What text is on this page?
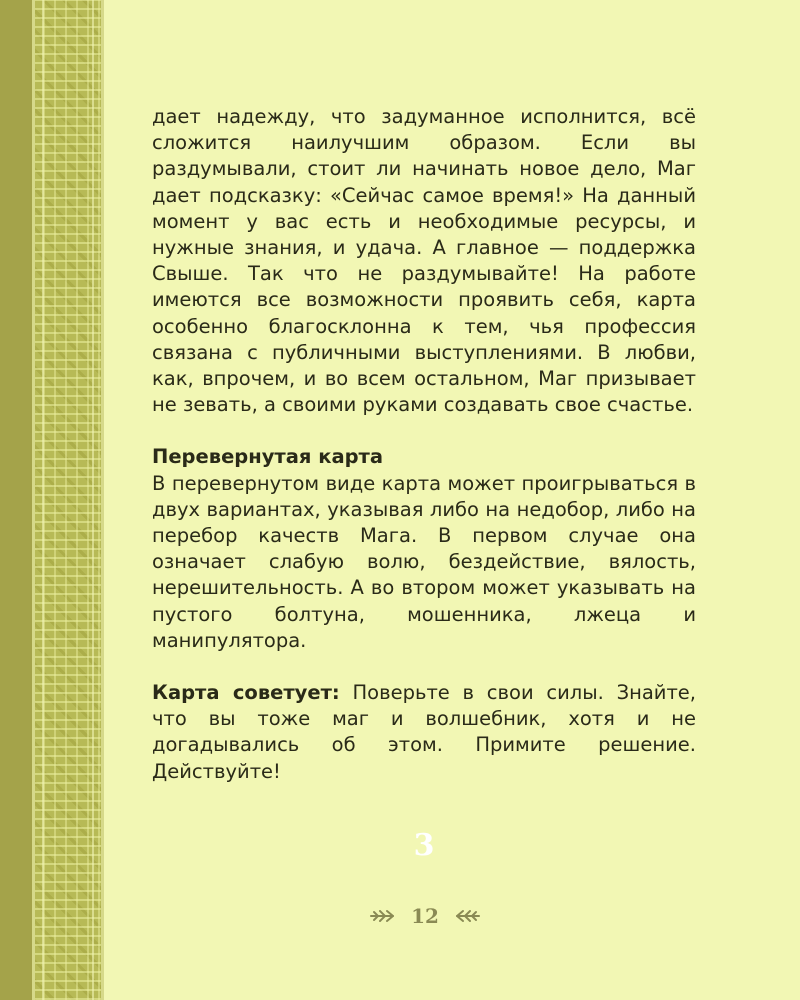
дает надежду, что задуманное исполнится, всё сложится наилучшим образом. Если вы раздумывали, стоит ли начинать новое дело, Маг дает подсказку: «Сейчас самое время!» На данный момент у вас есть и необходимые ресурсы, и нужные знания, и удача. А главное — поддержка Свыше. Так что не раздумывайте! На работе имеются все возможности проявить себя, карта особенно благосклонна к тем, чья профессия связана с публичными выступлениями. В любви, как, впрочем, и во всем остальном, Маг призывает не зевать, а своими руками создавать свое счастье.

Перевернутая карта
В перевернутом виде карта может проигрываться в двух вариантах, указывая либо на недобор, либо на перебор качеств Мага. В первом случае она означает слабую волю, бездействие, вялость, нерешительность. А во втором может указывать на пустого болтуна, мошенника, лжеца и манипулятора.

Карта советует: Поверьте в свои силы. Знайте, что вы тоже маг и волшебник, хотя и не догадывались об этом. Примите решение. Действуйте!

3
12
